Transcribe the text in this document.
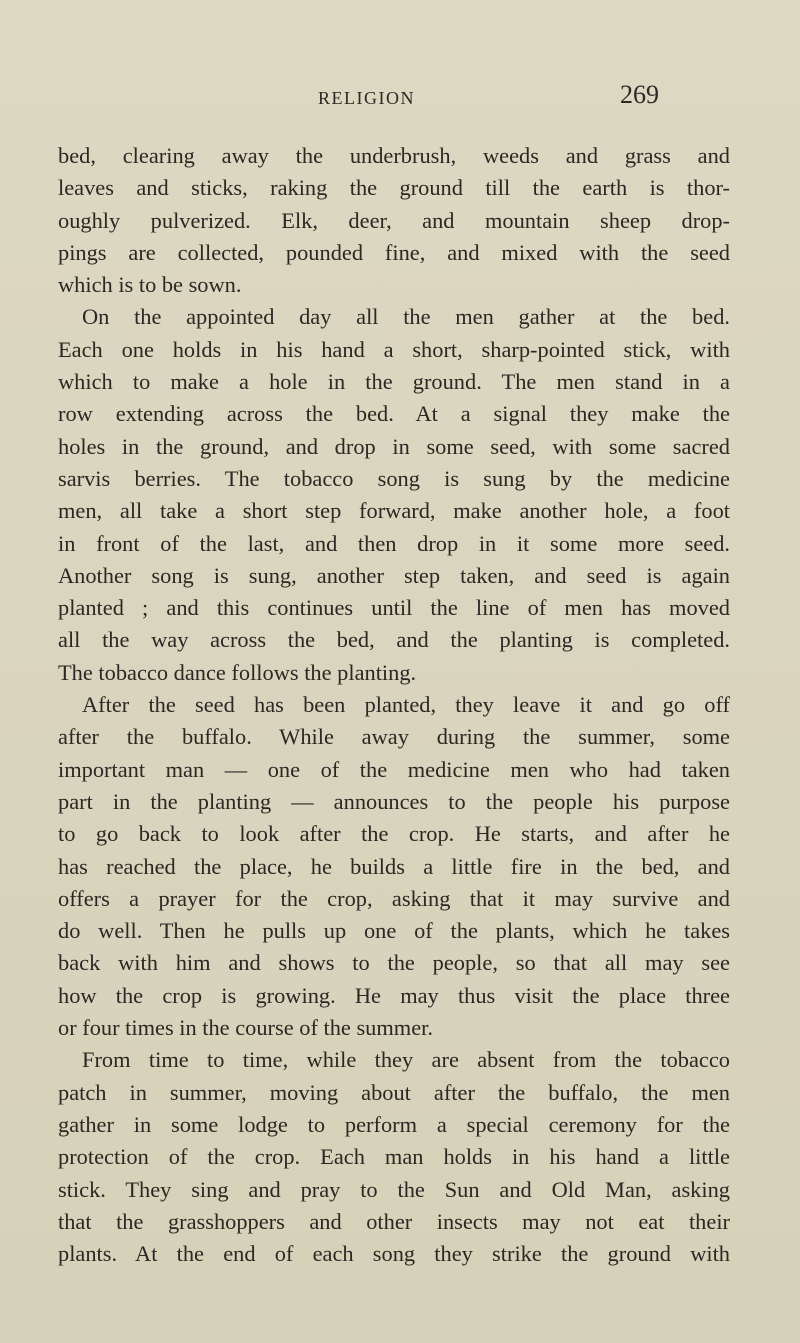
RELIGION	269
bed, clearing away the underbrush, weeds and grass and
leaves and sticks, raking the ground till the earth is thor-
oughly pulverized. Elk, deer, and mountain sheep drop-
pings are collected, pounded fine, and mixed with the seed
which is to be sown.
On the appointed day all the men gather at the bed.
Each one holds in his hand a short, sharp-pointed stick, with
which to make a hole in the ground. The men stand in a
row extending across the bed. At a signal they make the
holes in the ground, and drop in some seed, with some sacred
sarvis berries. The tobacco song is sung by the medicine
men, all take a short step forward, make another hole, a foot
in front of the last, and then drop in it some more seed.
Another song is sung, another step taken, and seed is again
planted ; and this continues until the line of men has moved
all the way across the bed, and the planting is completed.
The tobacco dance follows the planting.
After the seed has been planted, they leave it and go off
after the buffalo. While away during the summer, some
important man — one of the medicine men who had taken
part in the planting — announces to the people his purpose
to go back to look after the crop. He starts, and after he
has reached the place, he builds a little fire in the bed, and
offers a prayer for the crop, asking that it may survive and
do well. Then he pulls up one of the plants, which he takes
back with him and shows to the people, so that all may see
how the crop is growing. He may thus visit the place three
or four times in the course of the summer.
From time to time, while they are absent from the tobacco
patch in summer, moving about after the buffalo, the men
gather in some lodge to perform a special ceremony for the
protection of the crop. Each man holds in his hand a little
stick. They sing and pray to the Sun and Old Man, asking
that the grasshoppers and other insects may not eat their
plants. At the end of each song they strike the ground with
